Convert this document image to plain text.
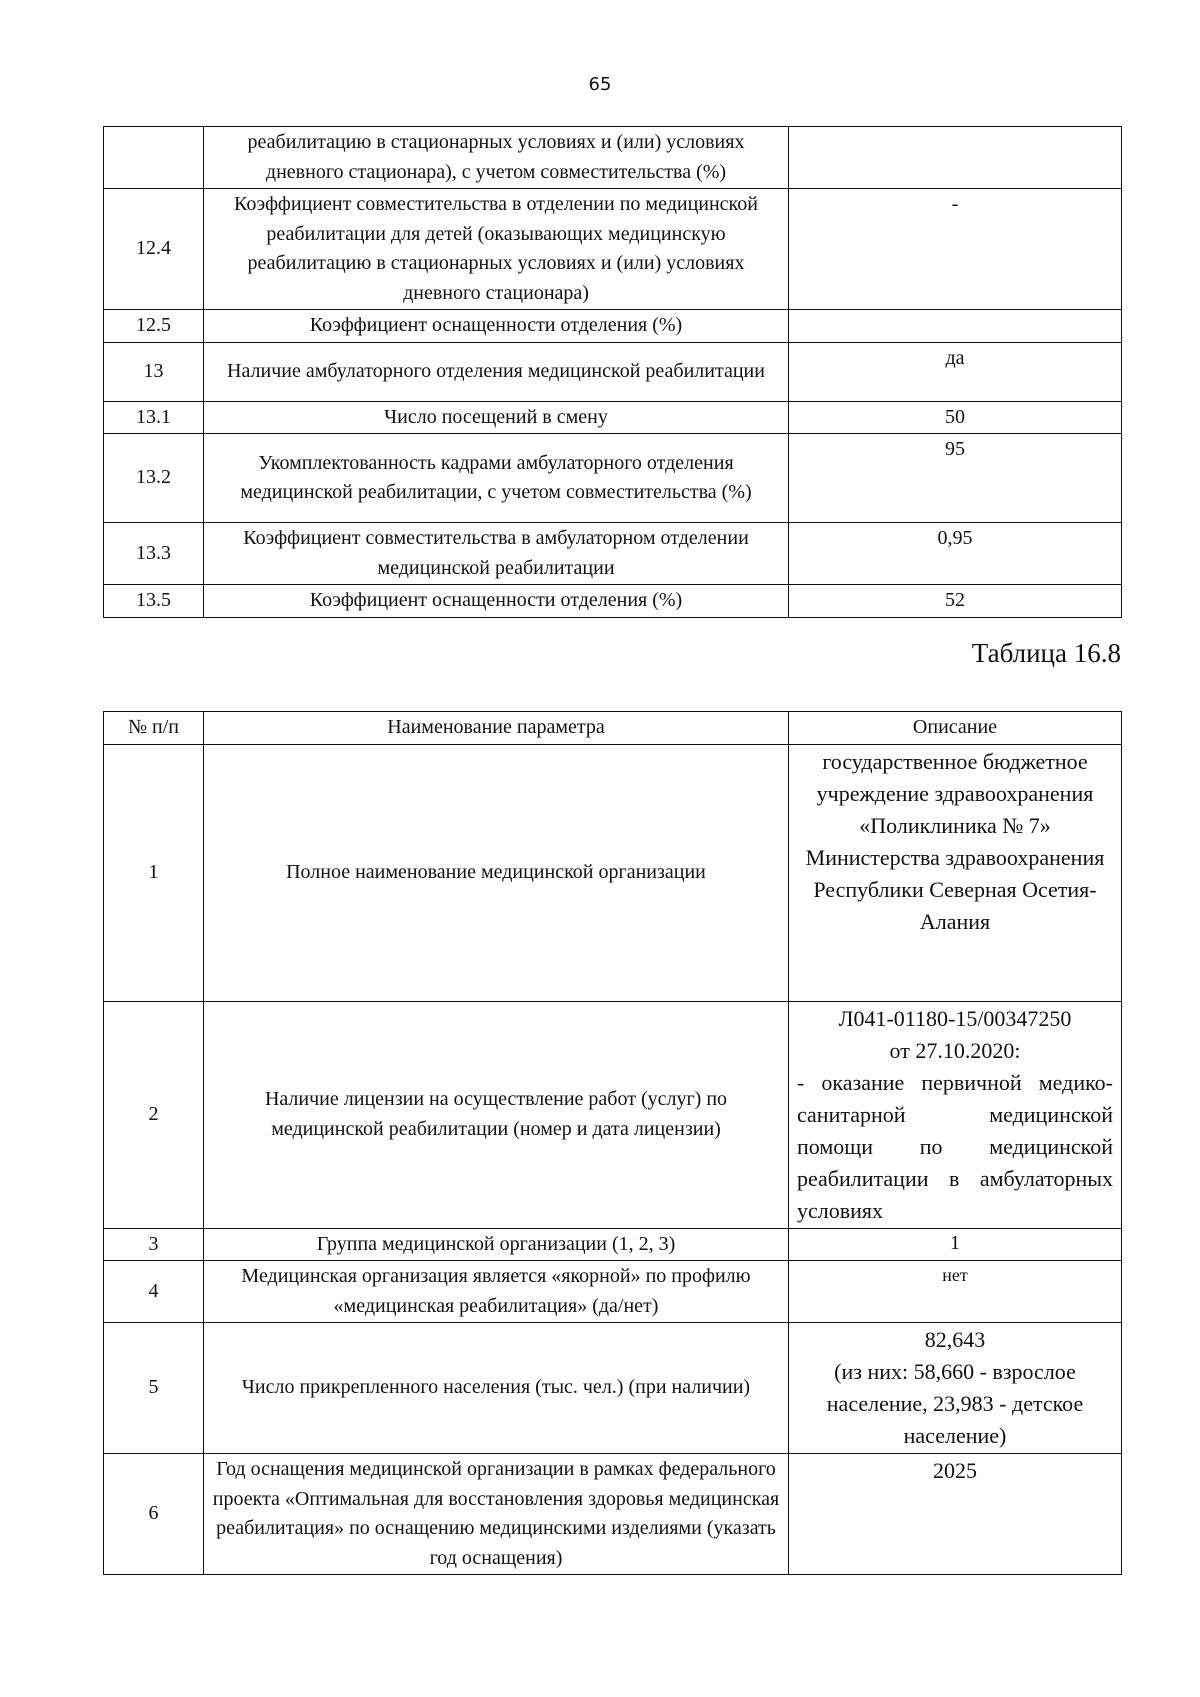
65
	реабилитацию в стационарных условиях и (или) условиях дневного стационара), с учетом совместительства (%)	
12.4	Коэффициент совместительства в отделении по медицинской реабилитации для детей (оказывающих медицинскую реабилитацию в стационарных условиях и (или) условиях дневного стационара)	-
12.5	Коэффициент оснащенности отделения (%)	
13	Наличие амбулаторного отделения медицинской реабилитации	да
13.1	Число посещений в смену	50
13.2	Укомплектованность кадрами амбулаторного отделения медицинской реабилитации, с учетом совместительства (%)	95
13.3	Коэффициент совместительства в амбулаторном отделении медицинской реабилитации	0,95
13.5	Коэффициент оснащенности отделения (%)	52
Таблица 16.8
№ п/п	Наименование параметра	Описание
1	Полное наименование медицинской организации	государственное бюджетное учреждение здравоохранения «Поликлиника № 7» Министерства здравоохранения Республики Северная Осетия-Алания
2	Наличие лицензии на осуществление работ (услуг) по медицинской реабилитации (номер и дата лицензии)	Л041-01180-15/00347250
от 27.10.2020:
- оказание первичной медико-санитарной медицинской помощи по медицинской реабилитации в амбулаторных условиях

3	Группа медицинской организации (1, 2, 3)	1
4	Медицинская организация является «якорной» по профилю «медицинская реабилитация» (да/нет)	нет
5	Число прикрепленного населения (тыс. чел.) (при наличии)	82,643
(из них: 58,660 - взрослое население, 23,983 - детское население)

6	Год оснащения медицинской организации в рамках федерального проекта «Оптимальная для восстановления здоровья медицинская реабилитация» по оснащению медицинскими изделиями (указать год оснащения)	2025
